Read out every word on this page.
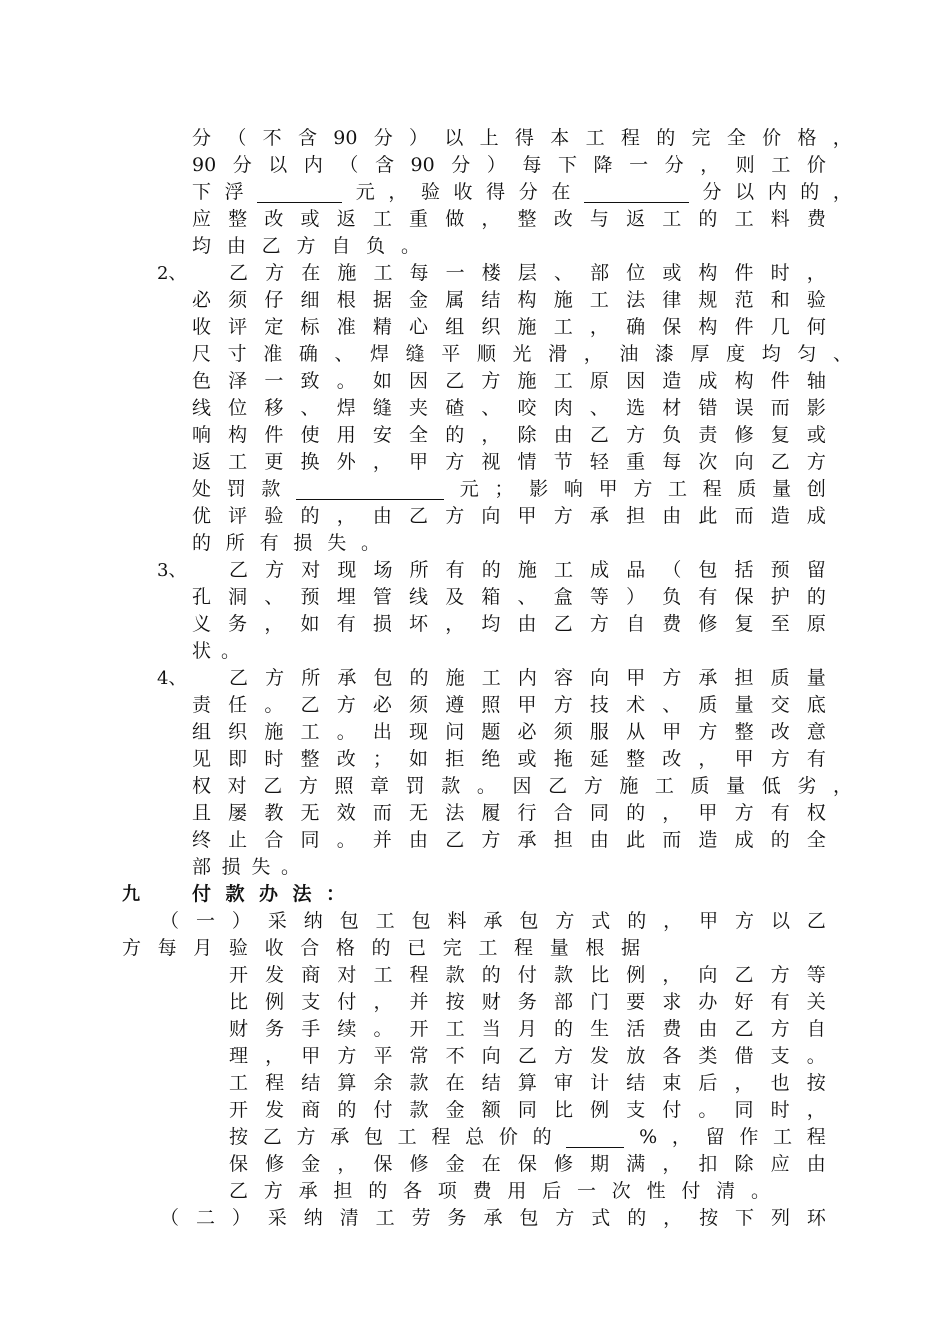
分 （ 不 含 90 分 ） 以 上 得 本 工 程 的 完 全 价 格 ，
90 分 以 内 （ 含 90 分 ） 每 下 降 一 分 ， 则 工 价
下 浮	元 ， 验 收 得 分 在	分 以 内 的 ，
应 整 改 或 返 工 重 做 ， 整 改 与 返 工 的 工 料 费
均 由 乙 方 自 负 。
2、 乙 方 在 施 工 每 一 楼 层 、 部 位 或 构 件 时 ，
必 须 仔 细 根 据 金 属 结 构 施 工 法 律 规 范 和 验
收 评 定 标 准 精 心 组 织 施 工 ， 确 保 构 件 几 何
尺 寸 准 确 、 焊 缝 平 顺 光 滑 ， 油 漆 厚 度 均 匀 、
色 泽 一 致 。 如 因 乙 方 施 工 原 因 造 成 构 件 轴
线 位 移 、 焊 缝 夹 碴 、 咬 肉 、 选 材 错 误 而 影
响 构 件 使 用 安 全 的 ， 除 由 乙 方 负 责 修 复 或
返 工 更 换 外 ， 甲 方 视 情 节 轻 重 每 次 向 乙 方
处 罚 款	元 ； 影 响 甲 方 工 程 质 量 创
优 评 验 的 ， 由 乙 方 向 甲 方 承 担 由 此 而 造 成
的 所 有 损 失 。
3、 乙 方 对 现 场 所 有 的 施 工 成 品 （ 包 括 预 留
孔 洞 、 预 埋 管 线 及 箱 、 盒 等 ） 负 有 保 护 的
义 务 ， 如 有 损 坏 ， 均 由 乙 方 自 费 修 复 至 原
状 。
4、 乙 方 所 承 包 的 施 工 内 容 向 甲 方 承 担 质 量
责 任 。 乙 方 必 须 遵 照 甲 方 技 术 、 质 量 交 底
组 织 施 工 。 出 现 问 题 必 须 服 从 甲 方 整 改 意
见 即 时 整 改 ； 如 拒 绝 或 拖 延 整 改 ， 甲 方 有
权 对 乙 方 照 章 罚 款 。 因 乙 方 施 工 质 量 低 劣 ，
且 屡 教 无 效 而 无 法 履 行 合 同 的 ， 甲 方 有 权
终 止 合 同 。 并 由 乙 方 承 担 由 此 而 造 成 的 全
部 损 失 。
九	付 款 办 法 ：
（ 一 ） 采 纳 包 工 包 料 承 包 方 式 的 ， 甲 方 以 乙
方 每 月 验 收 合 格 的 已 完 工 程 量 根 据
开 发 商 对 工 程 款 的 付 款 比 例 ， 向 乙 方 等
比 例 支 付 ， 并 按 财 务 部 门 要 求 办 好 有 关
财 务 手 续 。 开 工 当 月 的 生 活 费 由 乙 方 自
理 ， 甲 方 平 常 不 向 乙 方 发 放 各 类 借 支 。
工 程 结 算 余 款 在 结 算 审 计 结 束 后 ， 也 按
开 发 商 的 付 款 金 额 同 比 例 支 付 。 同 时 ，
按 乙 方 承 包 工 程 总 价 的	% ， 留 作 工 程
保 修 金 ， 保 修 金 在 保 修 期 满 ， 扣 除 应 由
乙 方 承 担 的 各 项 费 用 后 一 次 性 付 清 。
（ 二 ） 采 纳 清 工 劳 务 承 包 方 式 的 ， 按 下 列 环
